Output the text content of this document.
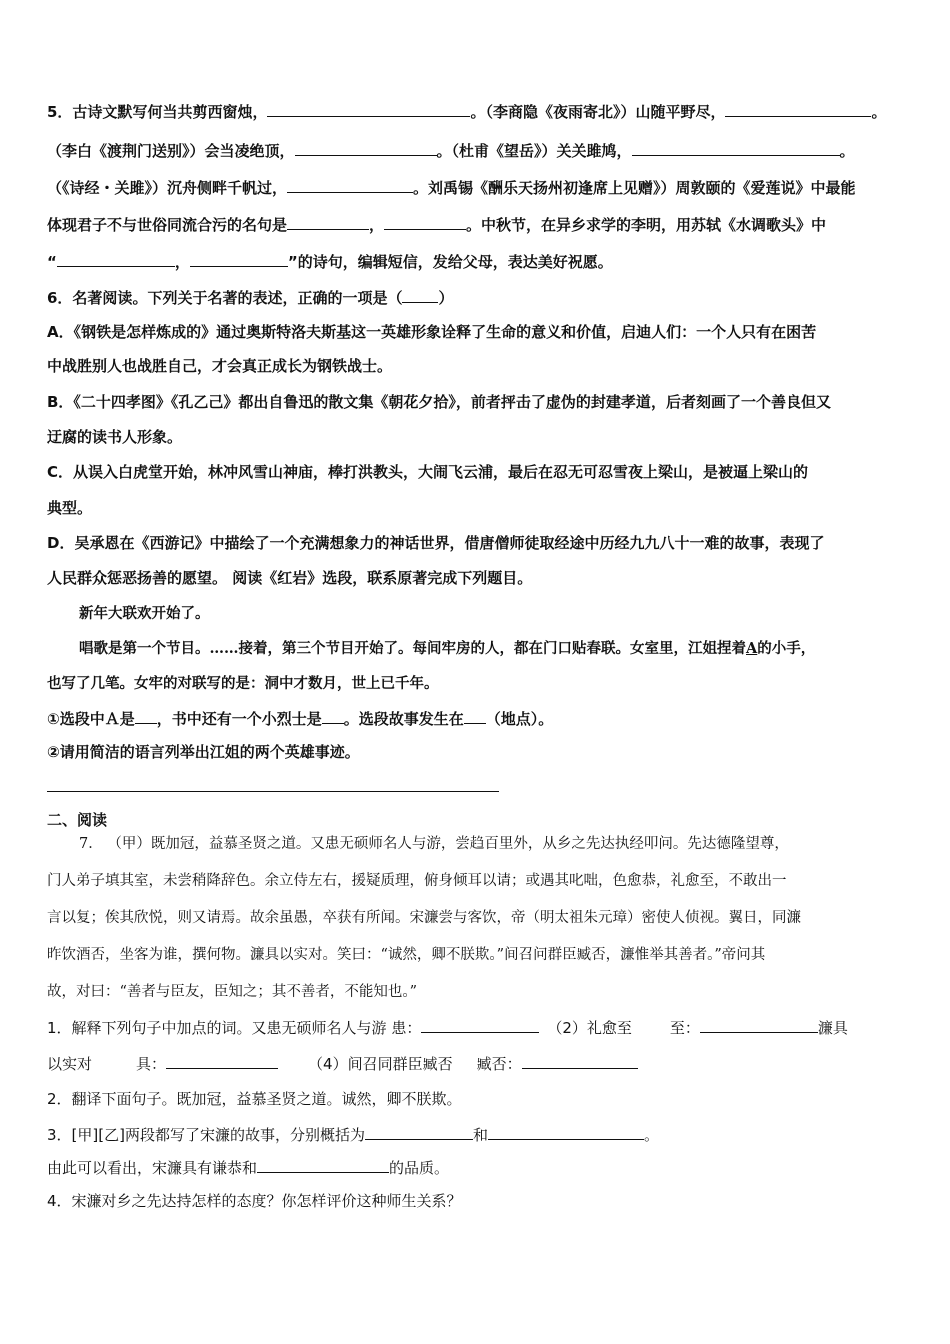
5．古诗文默写何当共剪西窗烛，	。（李商隐《夜雨寄北》）山随平野尽，	。
（李白《渡荆门送别》）会当凌绝顶，	。（杜甫《望岳》）关关雎鸠，	。
（《诗经・关雎》）沉舟侧畔千帆过，	。刘禹锡《酬乐天扬州初逢席上见赠》）周敦颐的《爱莲说》中最能
体现君子不与世俗同流合污的名句是	，	。中秋节，在异乡求学的李明，用苏轼《水调歌头》中
“	，	”的诗句，编辑短信，发给父母，表达美好祝愿。
6．名著阅读。下列关于名著的表述，正确的一项是（ ）
A．《钢铁是怎样炼成的》通过奥斯特洛夫斯基这一英雄形象诠释了生命的意义和价值，启迪人们：一个人只有在困苦
中战胜别人也战胜自己，才会真正成长为钢铁战士。
B．《二十四孝图》《孔乙己》都出自鲁迅的散文集《朝花夕拾》，前者抨击了虚伪的封建孝道，后者刻画了一个善良但又
迂腐的读书人形象。
C．从误入白虎堂开始，林冲风雪山神庙，棒打洪教头，大闹飞云浦，最后在忍无可忍雪夜上梁山，是被逼上梁山的
典型。
D．吴承恩在《西游记》中描绘了一个充满想象力的神话世界，借唐僧师徒取经途中历经九九八十一难的故事，表现了
人民群众惩恶扬善的愿望。 阅读《红岩》选段，联系原著完成下列题目。
新年大联欢开始了。
唱歌是第一个节目。……接着，第三个节目开始了。每间牢房的人，都在门口贴春联。女室里，江姐捏着A的小手，
也写了几笔。女牢的对联写的是：洞中才数月，世上已千年。
①选段中Ａ是 ，书中还有一个小烈士是 。选段故事发生在 （地点）。
②请用简洁的语言列举出江姐的两个英雄事迹。
二、阅读
7． （甲）既加冠，益慕圣贤之道。又患无硕师名人与游，尝趋百里外，从乡之先达执经叩问。先达德隆望尊，
门人弟子填其室，未尝稍降辞色。余立侍左右，援疑质理，俯身倾耳以请；或遇其叱咄，色愈恭，礼愈至，不敢出一
言以复；俟其欣悦，则又请焉。故余虽愚，卒获有所闻。宋濂尝与客饮，帝（明太祖朱元璋）密使人侦视。翼日，同濂
昨饮酒否，坐客为谁，撰何物。濂具以实对。笑曰：“诚然，卿不朕欺。”间召问群臣臧否，濂惟举其善者。”帝问其
故，对曰：“善者与臣友，臣知之；其不善者，不能知也。”
1．解释下列句子中加点的词。又患无硕师名人与游 患：	（2）礼愈至	至：	濂具
以实对	具：	（4）间召同群臣臧否 臧否：
2．翻译下面句子。既加冠，益慕圣贤之道。诚然，卿不朕欺。
3．[甲][乙]两段都写了宋濂的故事，分别概括为	和	。
由此可以看出，宋濂具有谦恭和	的品质。
4．宋濂对乡之先达持怎样的态度？你怎样评价这种师生关系？
